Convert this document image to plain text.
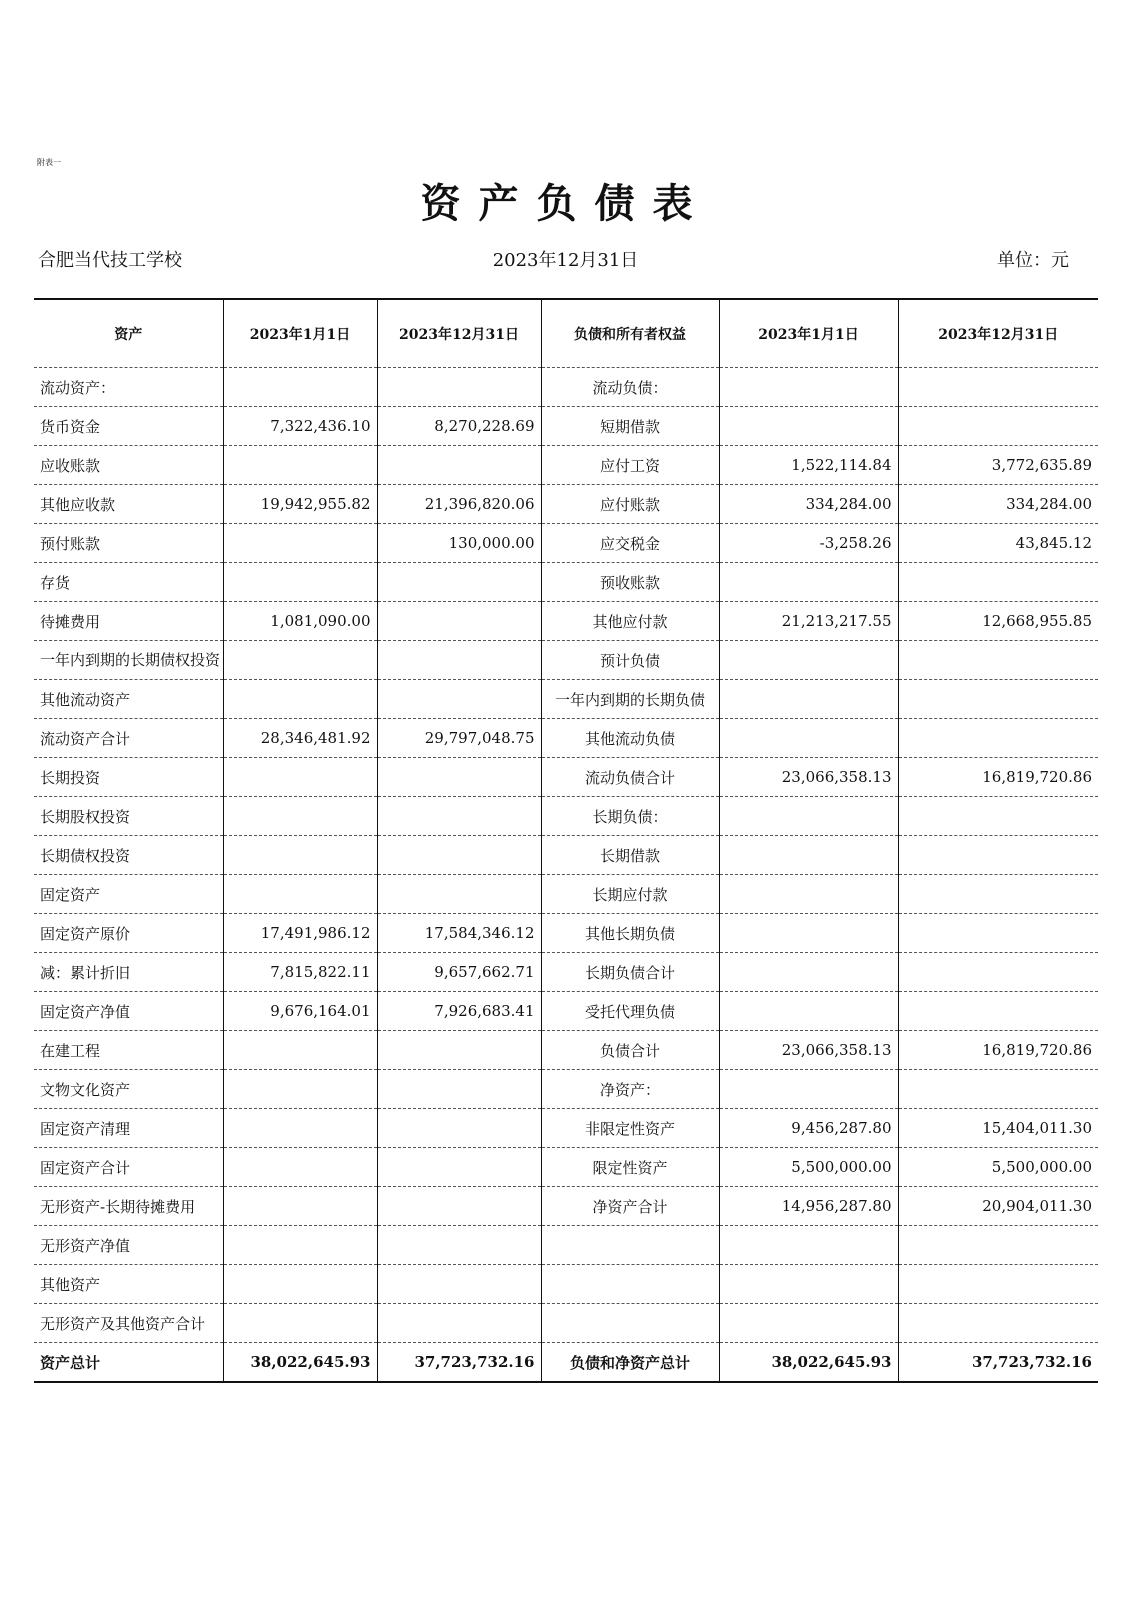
附表一
资产负债表
合肥当代技工学校	2023年12月31日	单位：元
资产	2023年1月1日	2023年12月31日	负债和所有者权益	2023年1月1日	2023年12月31日
流动资产：			流动负债：		
货币资金	7,322,436.10	8,270,228.69	短期借款		
应收账款			应付工资	1,522,114.84	3,772,635.89
其他应收款	19,942,955.82	21,396,820.06	应付账款	334,284.00	334,284.00
预付账款		130,000.00	应交税金	-3,258.26	43,845.12
存货			预收账款		
待摊费用	1,081,090.00		其他应付款	21,213,217.55	12,668,955.85
一年内到期的长期债权投资			预计负债		
其他流动资产			一年内到期的长期负债		
流动资产合计	28,346,481.92	29,797,048.75	其他流动负债		
长期投资			流动负债合计	23,066,358.13	16,819,720.86
长期股权投资			长期负债：		
长期债权投资			长期借款		
固定资产			长期应付款		
固定资产原价	17,491,986.12	17,584,346.12	其他长期负债		
减：累计折旧	7,815,822.11	9,657,662.71	长期负债合计		
固定资产净值	9,676,164.01	7,926,683.41	受托代理负债		
在建工程			负债合计	23,066,358.13	16,819,720.86
文物文化资产			净资产：		
固定资产清理			非限定性资产	9,456,287.80	15,404,011.30
固定资产合计			限定性资产	5,500,000.00	5,500,000.00
无形资产-长期待摊费用			净资产合计	14,956,287.80	20,904,011.30
无形资产净值					
其他资产					
无形资产及其他资产合计					
资产总计	38,022,645.93	37,723,732.16	负债和净资产总计	38,022,645.93	37,723,732.16
